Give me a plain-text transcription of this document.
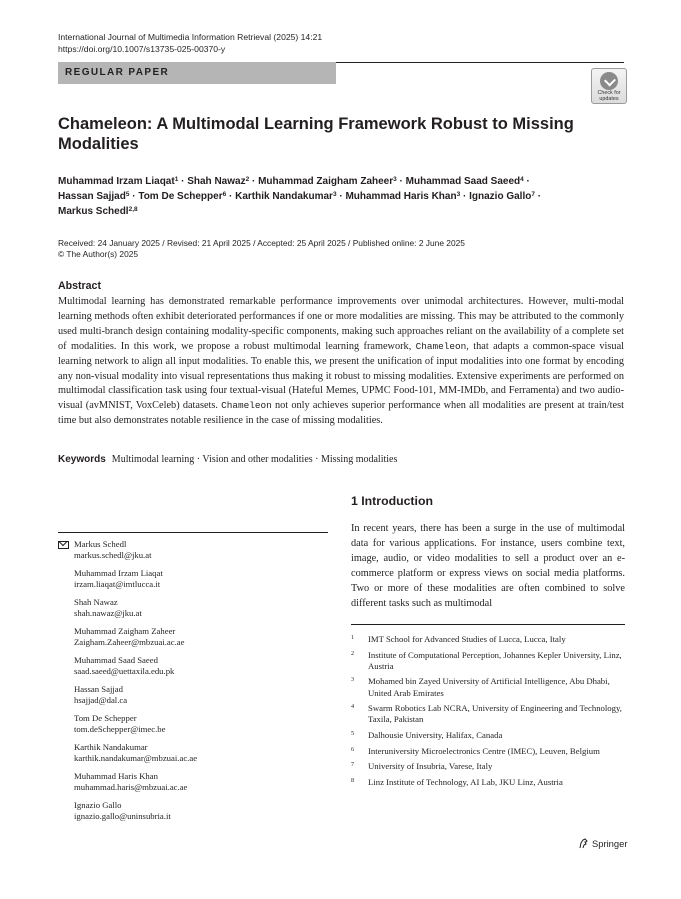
International Journal of Multimedia Information Retrieval (2025) 14:21
https://doi.org/10.1007/s13735-025-00370-y
REGULAR PAPER
Check for updates
Chameleon: A Multimodal Learning Framework Robust to Missing Modalities
Muhammad Irzam Liaqat$^1$ · Shah Nawaz$^2$ · Muhammad Zaigham Zaheer$^3$ · Muhammad Saad Saeed$^4$ ·
Hassan Sajjad$^5$ · Tom De Schepper$^6$ · Karthik Nandakumar$^3$ · Muhammad Haris Khan$^3$ · Ignazio Gallo$^7$ ·
Markus Schedl$^{2,8}$
Received: 24 January 2025 / Revised: 21 April 2025 / Accepted: 25 April 2025 / Published online: 2 June 2025
© The Author(s) 2025
Abstract
Multimodal learning has demonstrated remarkable performance improvements over unimodal architectures. However, multi-modal learning methods often exhibit deteriorated performances if one or more modalities are missing. This may be attributed to the commonly used multi-branch design containing modality-specific components, making such approaches reliant on the availability of a complete set of modalities. In this work, we propose a robust multimodal learning framework, Chameleon, that adapts a common-space visual learning network to align all input modalities. To enable this, we present the unification of input modalities into one format by encoding any non-visual modality into visual representations thus making it robust to missing modalities. Extensive experiments are performed on multimodal classification task using four textual-visual (Hateful Memes, UPMC Food-101, MM-IMDb, and Ferramenta) and two audio-visual (avMNIST, VoxCeleb) datasets. Chameleon not only achieves superior performance when all modalities are present at train/test time but also demonstrates notable resilience in the case of missing modalities.
Keywords Multimodal learning · Vision and other modalities · Missing modalities
1 Introduction
In recent years, there has been a surge in the use of multimodal data for various applications. For instance, users combine text, image, audio, or video modalities to sell a product over an e-commerce platform or express views on social media platforms. Two or more of these modalities are often combined to solve different tasks such as multimodal
Markus Schedl
markus.schedl@jku.at
Muhammad Irzam Liaqat
irzam.liaqat@imtlucca.it
Shah Nawaz
shah.nawaz@jku.at
Muhammad Zaigham Zaheer
Zaigham.Zaheer@mbzuai.ac.ae
Muhammad Saad Saeed
saad.saeed@uettaxila.edu.pk
Hassan Sajjad
hsajjad@dal.ca
Tom De Schepper
tom.deSchepper@imec.be
Karthik Nandakumar
karthik.nandakumar@mbzuai.ac.ae
Muhammad Haris Khan
muhammad.haris@mbzuai.ac.ae
Ignazio Gallo
ignazio.gallo@uninsubria.it
1 IMT School for Advanced Studies of Lucca, Lucca, Italy
2 Institute of Computational Perception, Johannes Kepler University, Linz, Austria
3 Mohamed bin Zayed University of Artificial Intelligence, Abu Dhabi, United Arab Emirates
4 Swarm Robotics Lab NCRA, University of Engineering and Technology, Taxila, Pakistan
5 Dalhousie University, Halifax, Canada
6 Interuniversity Microelectronics Centre (IMEC), Leuven, Belgium
7 University of Insubria, Varese, Italy
8 Linz Institute of Technology, AI Lab, JKU Linz, Austria
Springer
